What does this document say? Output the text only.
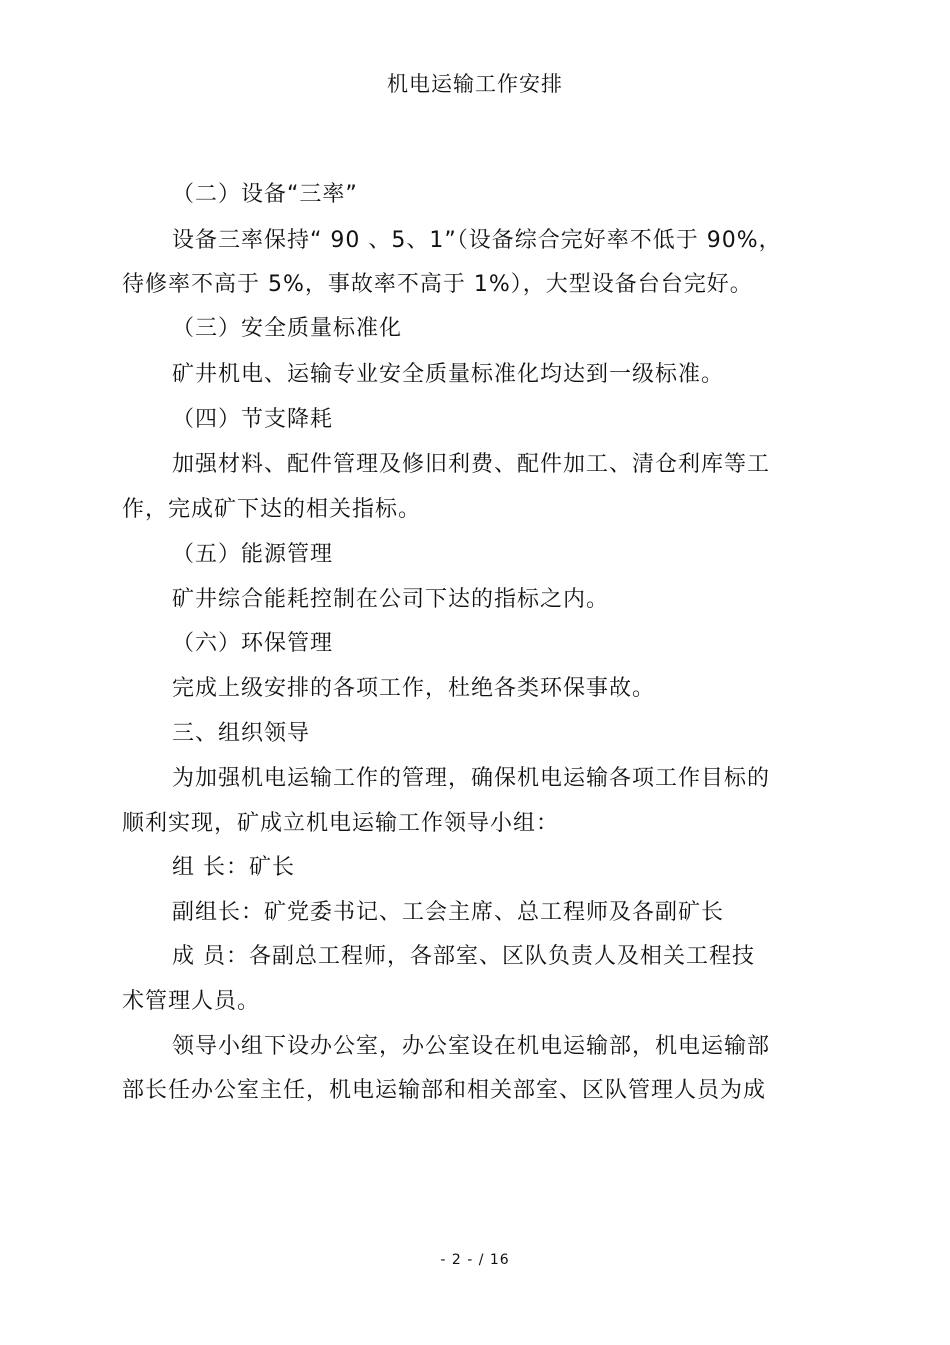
机电运输工作安排
（二）设备“三率”
设备三率保持“ 90 、5、1”（设备综合完好率不低于 90%，
待修率不高于 5%，事故率不高于 1%），大型设备台台完好。
（三）安全质量标准化
矿井机电、运输专业安全质量标准化均达到一级标准。
（四）节支降耗
加强材料、配件管理及修旧利费、配件加工、清仓利库等工
作，完成矿下达的相关指标。
（五）能源管理
矿井综合能耗控制在公司下达的指标之内。
（六）环保管理
完成上级安排的各项工作，杜绝各类环保事故。
三、组织领导
为加强机电运输工作的管理，确保机电运输各项工作目标的
顺利实现，矿成立机电运输工作领导小组：
组 长：矿长
副组长：矿党委书记、工会主席、总工程师及各副矿长
成 员：各副总工程师，各部室、区队负责人及相关工程技
术管理人员。
领导小组下设办公室，办公室设在机电运输部，机电运输部
部长任办公室主任，机电运输部和相关部室、区队管理人员为成
- 2 - / 16
